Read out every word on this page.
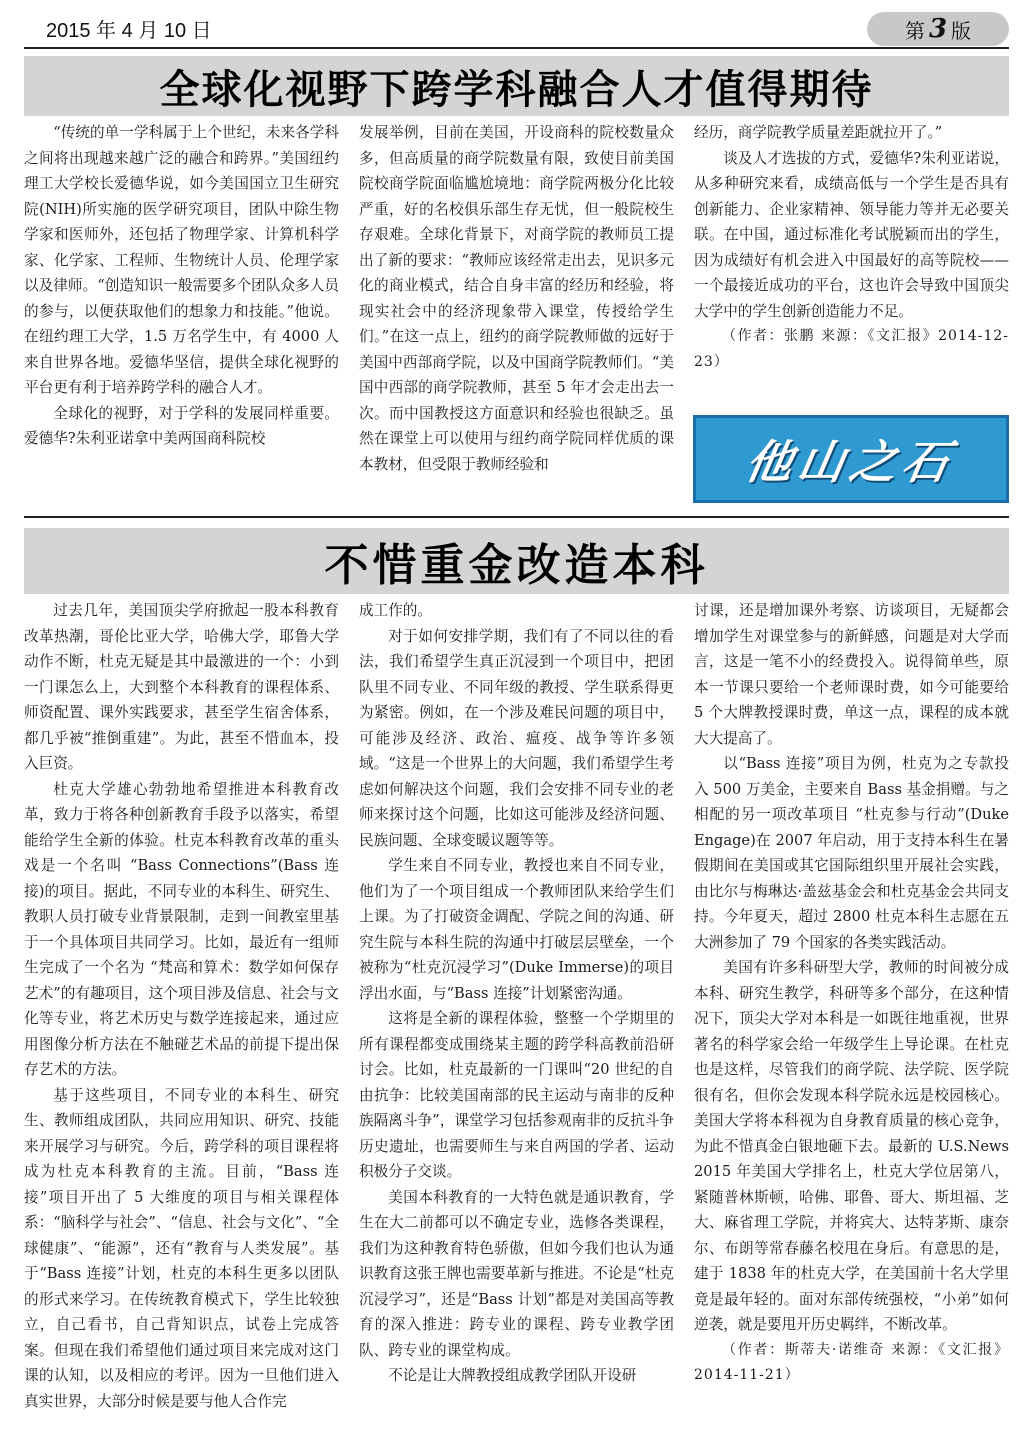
2015 年 4 月 10 日	第 3 版
全球化视野下跨学科融合人才值得期待

“传统的单一学科属于上个世纪，未来各学科之间将出现越来越广泛的融合和跨界。”美国纽约理工大学校长爱德华说，如今美国国立卫生研究院(NIH)所实施的医学研究项目，团队中除生物学家和医师外，还包括了物理学家、计算机科学家、化学家、工程师、生物统计人员、伦理学家以及律师。“创造知识一般需要多个团队众多人员的参与，以便获取他们的想象力和技能。”他说。在纽约理工大学，1.5 万名学生中，有 4000 人来自世界各地。爱德华坚信，提供全球化视野的平台更有利于培养跨学科的融合人才。

全球化的视野，对于学科的发展同样重要。爱德华?朱利亚诺拿中美两国商科院校

发展举例，目前在美国，开设商科的院校数量众多，但高质量的商学院数量有限，致使目前美国院校商学院面临尴尬境地：商学院两极分化比较严重，好的名校俱乐部生存无忧，但一般院校生存艰难。全球化背景下，对商学院的教师员工提出了新的要求：“教师应该经常走出去，见识多元化的商业模式，结合自身丰富的经历和经验，将现实社会中的经济现象带入课堂，传授给学生们。”在这一点上，纽约的商学院教师做的远好于美国中西部商学院，以及中国商学院教师们。“美国中西部的商学院教师，甚至 5 年才会走出去一次。而中国教授这方面意识和经验也很缺乏。虽然在课堂上可以使用与纽约商学院同样优质的课本教材，但受限于教师经验和

经历，商学院教学质量差距就拉开了。”

谈及人才选拔的方式，爱德华?朱利亚诺说，从多种研究来看，成绩高低与一个学生是否具有创新能力、企业家精神、领导能力等并无必要关联。在中国，通过标准化考试脱颖而出的学生，因为成绩好有机会进入中国最好的高等院校——一个最接近成功的平台，这也许会导致中国顶尖大学中的学生创新创造能力不足。

（作者：张鹏 来源：《文汇报》2014-12-23）

他山之石
不惜重金改造本科

过去几年，美国顶尖学府掀起一股本科教育改革热潮，哥伦比亚大学，哈佛大学，耶鲁大学动作不断，杜克无疑是其中最激进的一个：小到一门课怎么上，大到整个本科教育的课程体系、师资配置、课外实践要求，甚至学生宿舍体系，都几乎被“推倒重建”。为此，甚至不惜血本，投入巨资。

杜克大学雄心勃勃地希望推进本科教育改革，致力于将各种创新教育手段予以落实，希望能给学生全新的体验。杜克本科教育改革的重头戏是一个名叫 “Bass Connections”(Bass 连接)的项目。据此，不同专业的本科生、研究生、教职人员打破专业背景限制，走到一间教室里基于一个具体项目共同学习。比如，最近有一组师生完成了一个名为 “梵高和算术：数学如何保存艺术”的有趣项目，这个项目涉及信息、社会与文化等专业，将艺术历史与数学连接起来，通过应用图像分析方法在不触碰艺术品的前提下提出保存艺术的方法。

基于这些项目，不同专业的本科生、研究生、教师组成团队，共同应用知识、研究、技能来开展学习与研究。今后，跨学科的项目课程将成为杜克本科教育的主流。目前，“Bass 连接”项目开出了 5 大维度的项目与相关课程体系：“脑科学与社会”、“信息、社会与文化”、“全球健康”、“能源”，还有“教育与人类发展”。基于“Bass 连接”计划，杜克的本科生更多以团队的形式来学习。在传统教育模式下，学生比较独立，自己看书，自己背知识点，试卷上完成答案。但现在我们希望他们通过项目来完成对这门课的认知，以及相应的考评。因为一旦他们进入真实世界，大部分时候是要与他人合作完

成工作的。

对于如何安排学期，我们有了不同以往的看法，我们希望学生真正沉浸到一个项目中，把团队里不同专业、不同年级的教授、学生联系得更为紧密。例如，在一个涉及难民问题的项目中，可能涉及经济、政治、瘟疫、战争等许多领域。“这是一个世界上的大问题，我们希望学生考虑如何解决这个问题，我们会安排不同专业的老师来探讨这个问题，比如这可能涉及经济问题、民族问题、全球变暖议题等等。

学生来自不同专业，教授也来自不同专业，他们为了一个项目组成一个教师团队来给学生们上课。为了打破资金调配、学院之间的沟通、研究生院与本科生院的沟通中打破层层壁垒，一个被称为“杜克沉浸学习”(Duke Immerse)的项目浮出水面，与“Bass 连接”计划紧密沟通。

这将是全新的课程体验，整整一个学期里的所有课程都变成围绕某主题的跨学科高教前沿研讨会。比如，杜克最新的一门课叫“20 世纪的自由抗争：比较美国南部的民主运动与南非的反种族隔离斗争”，课堂学习包括参观南非的反抗斗争历史遗址，也需要师生与来自两国的学者、运动积极分子交谈。

美国本科教育的一大特色就是通识教育，学生在大二前都可以不确定专业，选修各类课程，我们为这种教育特色骄傲，但如今我们也认为通识教育这张王牌也需要革新与推进。不论是“杜克沉浸学习”，还是“Bass 计划”都是对美国高等教育的深入推进：跨专业的课程、跨专业教学团队、跨专业的课堂构成。

不论是让大牌教授组成教学团队开设研

讨课，还是增加课外考察、访谈项目，无疑都会增加学生对课堂参与的新鲜感，问题是对大学而言，这是一笔不小的经费投入。说得简单些，原本一节课只要给一个老师课时费，如今可能要给 5 个大牌教授课时费，单这一点，课程的成本就大大提高了。

以“Bass 连接”项目为例，杜克为之专款投入 500 万美金，主要来自 Bass 基金捐赠。与之相配的另一项改革项目 “杜克参与行动”(Duke Engage)在 2007 年启动，用于支持本科生在暑假期间在美国或其它国际组织里开展社会实践，由比尔与梅琳达·盖兹基金会和杜克基金会共同支持。今年夏天，超过 2800 杜克本科生志愿在五大洲参加了 79 个国家的各类实践活动。

美国有许多科研型大学，教师的时间被分成本科、研究生教学，科研等多个部分，在这种情况下，顶尖大学对本科是一如既往地重视，世界著名的科学家会给一年级学生上导论课。在杜克也是这样，尽管我们的商学院、法学院、医学院很有名，但你会发现本科学院永远是校园核心。美国大学将本科视为自身教育质量的核心竞争，为此不惜真金白银地砸下去。最新的 U.S.News 2015 年美国大学排名上，杜克大学位居第八，紧随普林斯顿，哈佛、耶鲁、哥大、斯坦福、芝大、麻省理工学院，并将宾大、达特茅斯、康奈尔、布朗等常春藤名校甩在身后。有意思的是，建于 1838 年的杜克大学，在美国前十名大学里竟是最年轻的。面对东部传统强校，“小弟”如何逆袭，就是要甩开历史羁绊，不断改革。

（作者：斯蒂夫·诺维奇 来源：《文汇报》2014-11-21）
